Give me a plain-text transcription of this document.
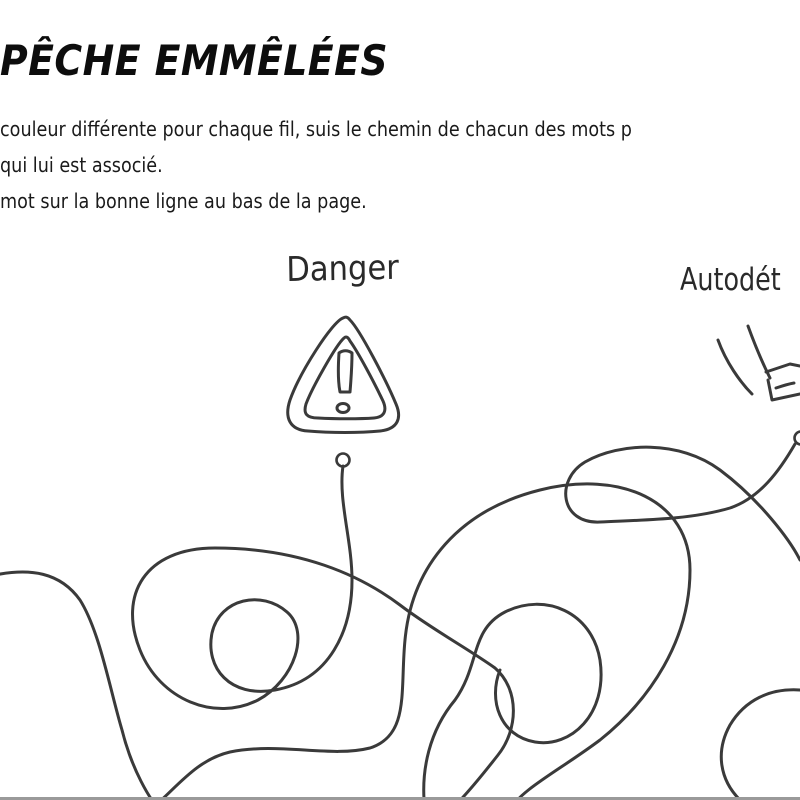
PÊCHE EMMÊLÉES
couleur différente pour chaque fil, suis le chemin de chacun des mots p
qui lui est associé.
mot sur la bonne ligne au bas de la page.
Danger	Autodét
